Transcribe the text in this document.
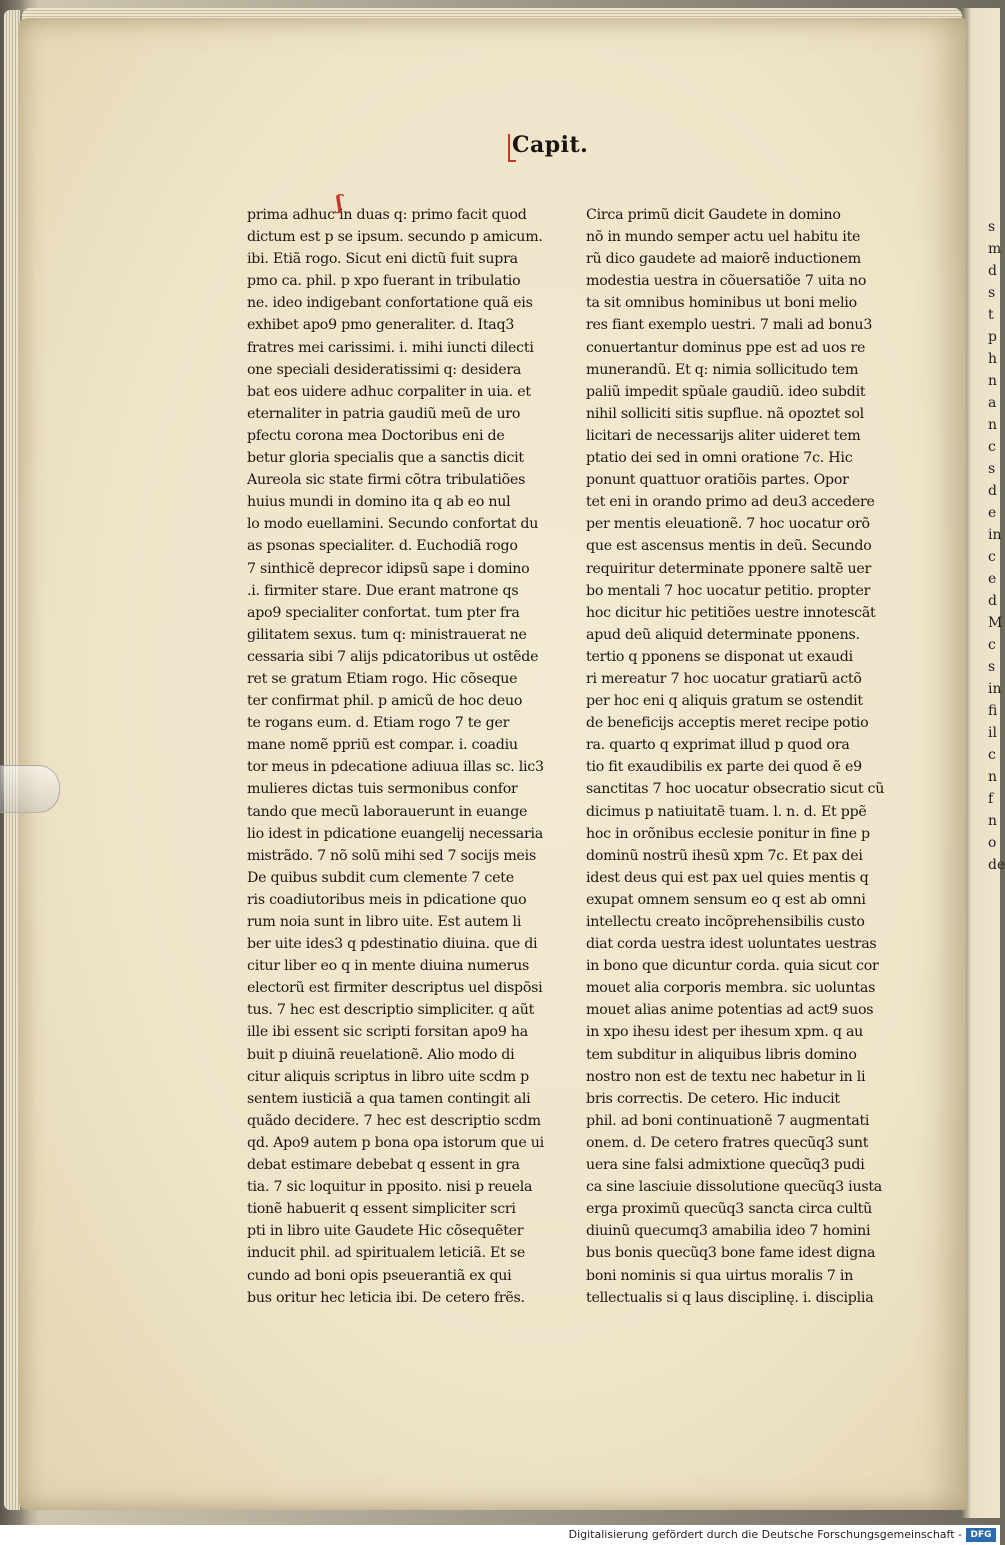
s
m
d
s
t
p
h
n
a
n
c
s
d
e
in
c
e
d
M
c
s
in
fi
il
c
n
f
n
o
de
Capit.
ʃ
prima adhuc in duas q: primo facit quod
dictum est p se ipsum. secundo p amicum.
ibi. Etiã rogo. Sicut eni dictũ fuit supra
pmo ca. phil. p xpo fuerant in tribulatio
ne. ideo indigebant confortatione quã eis
exhibet apo9 pmo generaliter. d. Itaq3
fratres mei carissimi. i. mihi iuncti dilecti
one speciali desideratissimi q: desidera
bat eos uidere adhuc corpaliter in uia. et
eternaliter in patria gaudiũ meũ de uro
pfectu corona mea Doctoribus eni de
betur gloria specialis que a sanctis dicit
Aureola sic state firmi cõtra tribulatiões
huius mundi in domino ita q ab eo nul
lo modo euellamini. Secundo confortat du
as psonas specialiter. d. Euchodiã rogo
7 sinthicẽ deprecor idipsũ sape i domino
.i. firmiter stare. Due erant matrone qs
apo9 specialiter confortat. tum pter fra
gilitatem sexus. tum q: ministrauerat ne
cessaria sibi 7 alijs pdicatoribus ut ostẽde
ret se gratum Etiam rogo. Hic cõseque
ter confirmat phil. p amicũ de hoc deuo
te rogans eum. d. Etiam rogo 7 te ger
mane nomẽ ppriũ est compar. i. coadiu
tor meus in pdecatione adiuua illas sc. lic3
mulieres dictas tuis sermonibus confor
tando que mecũ laborauerunt in euange
lio idest in pdicatione euangelij necessaria
mistrãdo. 7 nõ solũ mihi sed 7 socijs meis
De quibus subdit cum clemente 7 cete
ris coadiutoribus meis in pdicatione quo
rum noia sunt in libro uite. Est autem li
ber uite ides3 q pdestinatio diuina. que di
citur liber eo q in mente diuina numerus
electorũ est firmiter descriptus uel dispõsi
tus. 7 hec est descriptio simpliciter. q aũt
ille ibi essent sic scripti forsitan apo9 ha
buit p diuinã reuelationẽ. Alio modo di
citur aliquis scriptus in libro uite scdm p
sentem iusticiã a qua tamen contingit ali
quãdo decidere. 7 hec est descriptio scdm
qd. Apo9 autem p bona opa istorum que ui
debat estimare debebat q essent in gra
tia. 7 sic loquitur in pposito. nisi p reuela
tionẽ habuerit q essent simpliciter scri
pti in libro uite Gaudete Hic cõsequẽter
inducit phil. ad spiritualem leticiã. Et se
cundo ad boni opis pseuerantiã ex qui
bus oritur hec leticia ibi. De cetero frẽs.
Circa primũ dicit Gaudete in domino
nõ in mundo semper actu uel habitu ite
rũ dico gaudete ad maiorẽ inductionem
modestia uestra in cõuersatiõe 7 uita no
ta sit omnibus hominibus ut boni melio
res fiant exemplo uestri. 7 mali ad bonu3
conuertantur dominus ppe est ad uos re
munerandũ. Et q: nimia sollicitudo tem
paliũ impedit spũale gaudiũ. ideo subdit
nihil solliciti sitis supflue. nã opoztet sol
licitari de necessarijs aliter uideret tem
ptatio dei sed in omni oratione 7c. Hic
ponunt quattuor oratiõis partes. Opor
tet eni in orando primo ad deu3 accedere
per mentis eleuationẽ. 7 hoc uocatur orõ
que est ascensus mentis in deũ. Secundo
requiritur determinate pponere saltẽ uer
bo mentali 7 hoc uocatur petitio. propter
hoc dicitur hic petitiões uestre innotescãt
apud deũ aliquid determinate pponens.
tertio q pponens se disponat ut exaudi
ri mereatur 7 hoc uocatur gratiarũ actõ
per hoc eni q aliquis gratum se ostendit
de beneficijs acceptis meret recipe potio
ra. quarto q exprimat illud p quod ora
tio fit exaudibilis ex parte dei quod ẽ e9
sanctitas 7 hoc uocatur obsecratio sicut cũ
dicimus p natiuitatẽ tuam. l. n. d. Et ppẽ
hoc in orõnibus ecclesie ponitur in fine p
dominũ nostrũ ihesũ xpm 7c. Et pax dei
idest deus qui est pax uel quies mentis q
exupat omnem sensum eo q est ab omni
intellectu creato incõprehensibilis custo
diat corda uestra idest uoluntates uestras
in bono que dicuntur corda. quia sicut cor
mouet alia corporis membra. sic uoluntas
mouet alias anime potentias ad act9 suos
in xpo ihesu idest per ihesum xpm. q au
tem subditur in aliquibus libris domino
nostro non est de textu nec habetur in li
bris correctis. De cetero. Hic inducit
phil. ad boni continuationẽ 7 augmentati
onem. d. De cetero fratres quecũq3 sunt
uera sine falsi admixtione quecũq3 pudi
ca sine lasciuie dissolutione quecũq3 iusta
erga proximũ quecũq3 sancta circa cultũ
diuinũ quecumq3 amabilia ideo 7 homini
bus bonis quecũq3 bone fame idest digna
boni nominis si qua uirtus moralis 7 in
tellectualis si q laus disciplinę. i. disciplia
Digitalisierung gefördert durch die Deutsche Forschungsgemeinschaft - DFG
